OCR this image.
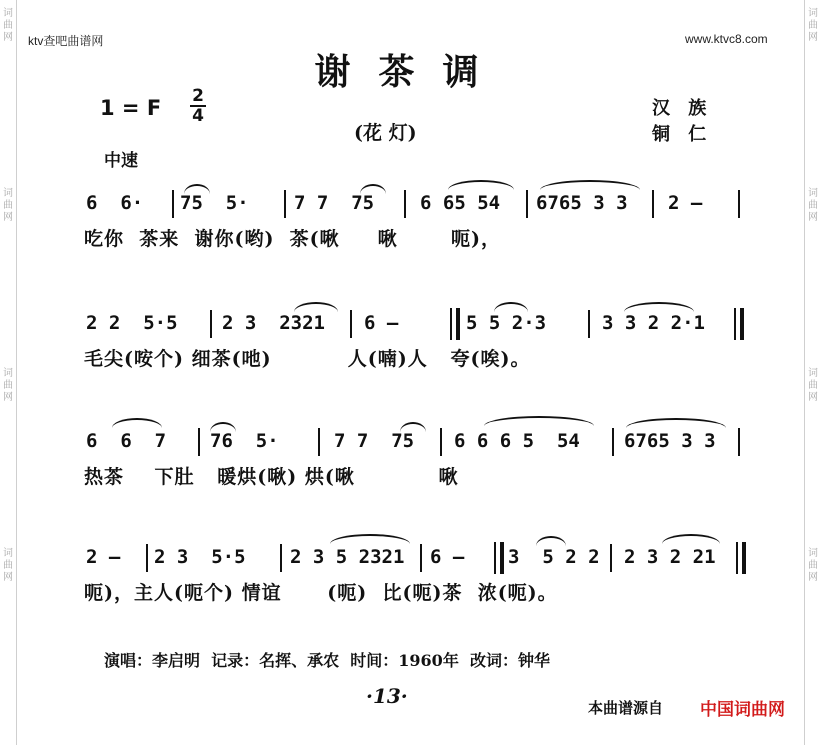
词曲网
词曲网
词曲网
词曲网
词曲网
词曲网
词曲网
词曲网
ktv查吧曲谱网	www.ktvc8.com
谢茶调
1 = F 2
4
(花 灯)
汉 族
铜 仁
中速
6  6· 75  5· 7 7  75 6 65 54 6765 3 3 2 –
吃你  茶来  谢你(哟)  茶(啾     啾       呃)，
2 2  5·5 2 3  2321 6 –	5 5 2·3	3 3 2 2·1
毛尖(咹个) 细茶(吔)          人(喃)人   夸(唉)。
6  6  7 76  5·	7 7  75 6 6 6 5  54 6765 3 3
热茶    下肚   暖烘(啾) 烘(啾           啾
2 – 2 3  5·5 2 3 5 2321 6 – 3  5 2 2 2 3 2 21
呃)，主人(呃个) 情谊      (呃)  比(呃)茶  浓(呃)。
演唱：李启明  记录：名挥、承农  时间：1960年  改词：钟华
·13·	本曲谱源自 中国词曲网
